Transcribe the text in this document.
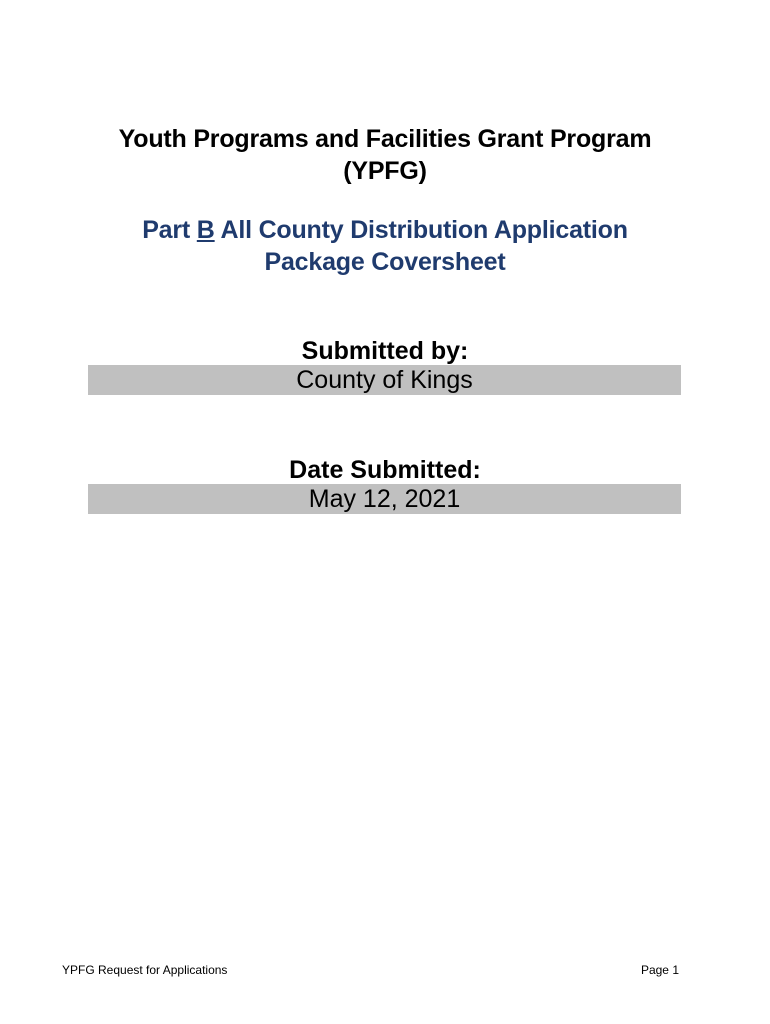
Youth Programs and Facilities Grant Program
(YPFG)
Part B All County Distribution Application
Package Coversheet
Submitted by:
County of Kings
Date Submitted:
May 12, 2021
YPFG Request for Applications	Page 1
